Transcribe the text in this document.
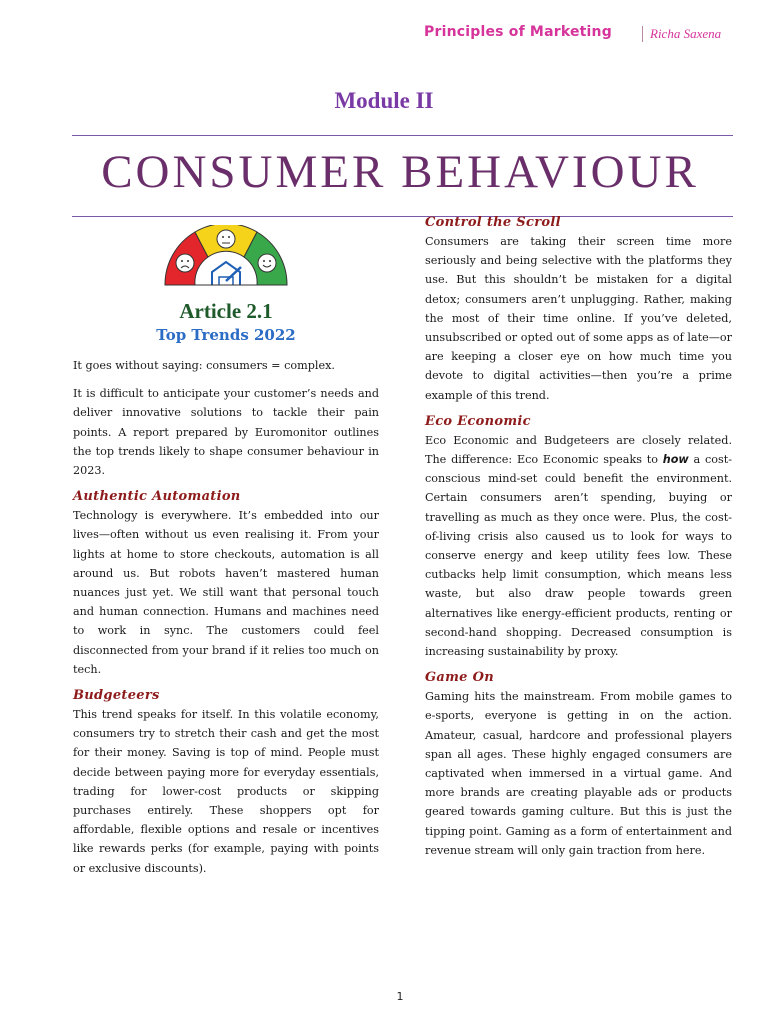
Principles of Marketing	Richa Saxena
Module II
CONSUMER BEHAVIOUR

Article 2.1

Top Trends 2022

It goes without saying: consumers = complex.

It is difficult to anticipate your customer’s needs and deliver innovative solutions to tackle their pain points. A report prepared by Euromonitor outlines the top trends likely to shape consumer behaviour in 2023.

Authentic Automation

Technology is everywhere. It’s embedded into our lives—often without us even realising it. From your lights at home to store checkouts, automation is all around us. But robots haven’t mastered human nuances just yet. We still want that personal touch and human connection. Humans and machines need to work in sync. The customers could feel disconnected from your brand if it relies too much on tech.

Budgeteers

This trend speaks for itself. In this volatile economy, consumers try to stretch their cash and get the most for their money. Saving is top of mind. People must decide between paying more for everyday essentials, trading for lower-cost products or skipping purchases entirely. These shoppers opt for affordable, flexible options and resale or incentives like rewards perks (for example, paying with points or exclusive discounts).

Control the Scroll

Consumers are taking their screen time more seriously and being selective with the platforms they use. But this shouldn’t be mistaken for a digital detox; consumers aren’t unplugging. Rather, making the most of their time online. If you’ve deleted, unsubscribed or opted out of some apps as of late—or are keeping a closer eye on how much time you devote to digital activities—then you’re a prime example of this trend.

Eco Economic

Eco Economic and Budgeteers are closely related. The difference: Eco Economic speaks to how a cost-conscious mind-set could benefit the environment. Certain consumers aren’t spending, buying or travelling as much as they once were. Plus, the cost-of-living crisis also caused us to look for ways to conserve energy and keep utility fees low. These cutbacks help limit consumption, which means less waste, but also draw people towards green alternatives like energy-efficient products, renting or second-hand shopping. Decreased consumption is increasing sustainability by proxy.

Game On

Gaming hits the mainstream. From mobile games to e-sports, everyone is getting in on the action. Amateur, casual, hardcore and professional players span all ages. These highly engaged consumers are captivated when immersed in a virtual game. And more brands are creating playable ads or products geared towards gaming culture. But this is just the tipping point. Gaming as a form of entertainment and revenue stream will only gain traction from here.

1
